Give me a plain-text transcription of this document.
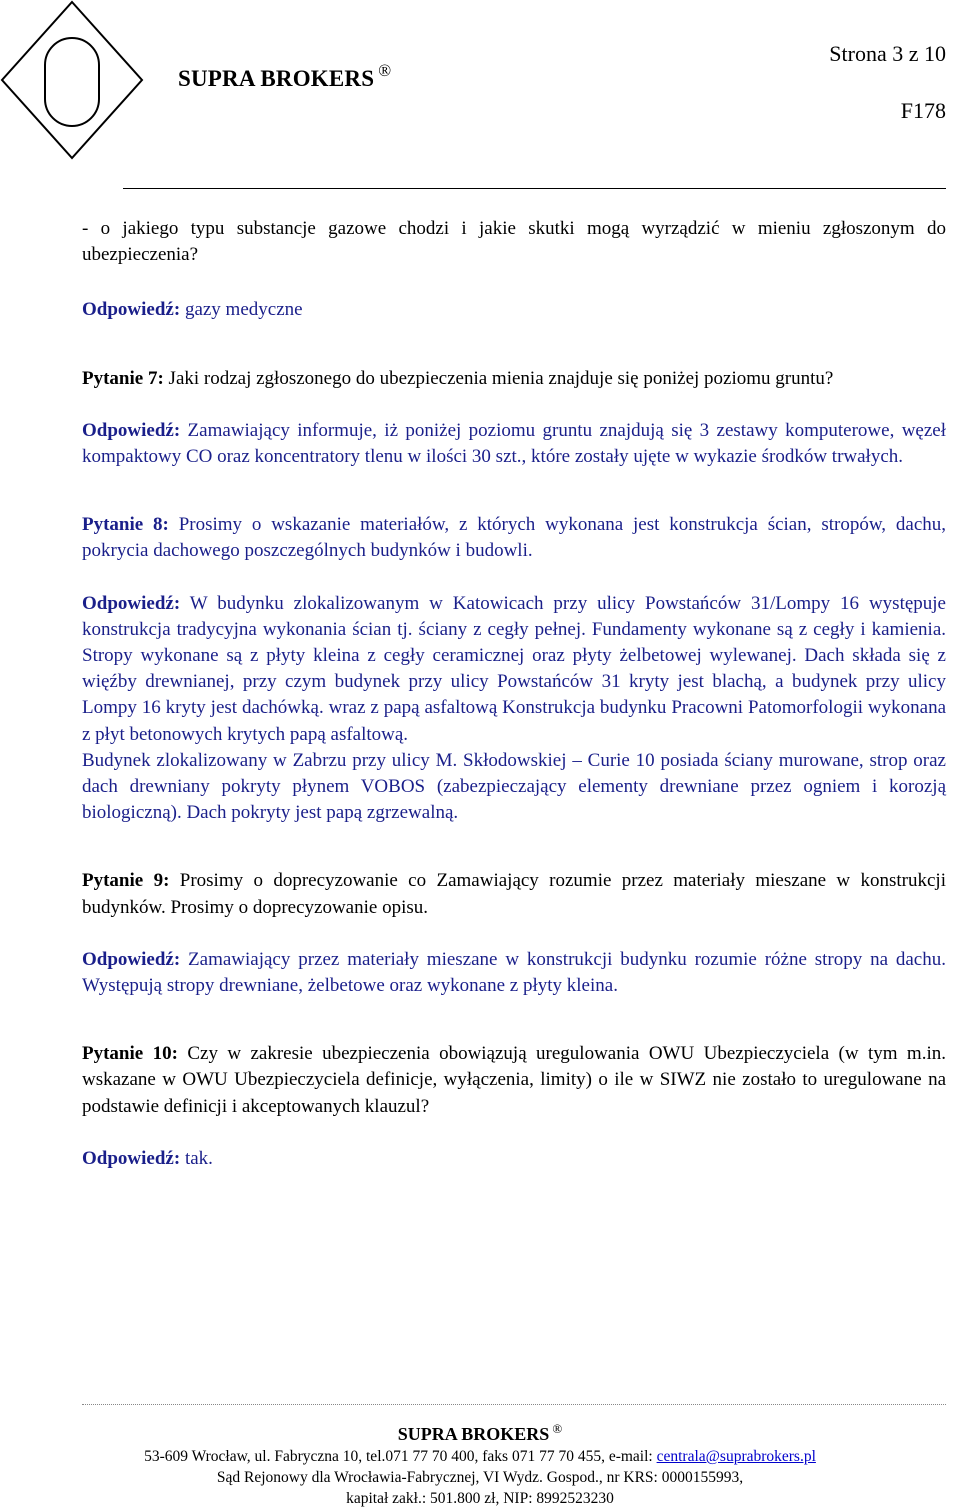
SUPRA BROKERS ®
Strona 3 z 10
F178

- o jakiego typu substancje gazowe chodzi i jakie skutki mogą wyrządzić w mieniu zgłoszonym do ubezpieczenia?

Odpowiedź: gazy medyczne

Pytanie 7: Jaki rodzaj zgłoszonego do ubezpieczenia mienia znajduje się poniżej poziomu gruntu?

Odpowiedź: Zamawiający informuje, iż poniżej poziomu gruntu znajdują się 3 zestawy komputerowe, węzeł kompaktowy CO oraz koncentratory tlenu w ilości 30 szt., które zostały ujęte w wykazie środków trwałych.

Pytanie 8: Prosimy o wskazanie materiałów, z których wykonana jest konstrukcja ścian, stropów, dachu, pokrycia dachowego poszczególnych budynków i budowli.

Odpowiedź: W budynku zlokalizowanym w Katowicach przy ulicy Powstańców 31/Lompy 16 występuje konstrukcja tradycyjna wykonania ścian tj. ściany z cegły pełnej. Fundamenty wykonane są z cegły i kamienia. Stropy wykonane są z płyty kleina z cegły ceramicznej oraz płyty żelbetowej wylewanej. Dach składa się z więźby drewnianej, przy czym budynek przy ulicy Powstańców 31 kryty jest blachą, a budynek przy ulicy Lompy 16 kryty jest dachówką. wraz z papą asfaltową Konstrukcja budynku Pracowni Patomorfologii wykonana z płyt betonowych krytych papą asfaltową.

Budynek zlokalizowany w Zabrzu przy ulicy M. Skłodowskiej – Curie 10 posiada ściany murowane, strop oraz dach drewniany pokryty płynem VOBOS (zabezpieczający elementy drewniane przez ogniem i korozją biologiczną). Dach pokryty jest papą zgrzewalną.

Pytanie 9: Prosimy o doprecyzowanie co Zamawiający rozumie przez materiały mieszane w konstrukcji budynków. Prosimy o doprecyzowanie opisu.

Odpowiedź: Zamawiający przez materiały mieszane w konstrukcji budynku rozumie różne stropy na dachu. Występują stropy drewniane, żelbetowe oraz wykonane z płyty kleina.

Pytanie 10: Czy w zakresie ubezpieczenia obowiązują uregulowania OWU Ubezpieczyciela (w tym m.in. wskazane w OWU Ubezpieczyciela definicje, wyłączenia, limity) o ile w SIWZ nie zostało to uregulowane na podstawie definicji i akceptowanych klauzul?

Odpowiedź: tak.

SUPRA BROKERS ®
53-609 Wrocław, ul. Fabryczna 10, tel.071 77 70 400, faks 071 77 70 455, e-mail: centrala@suprabrokers.pl
Sąd Rejonowy dla Wrocławia-Fabrycznej, VI Wydz. Gospod., nr KRS: 0000155993,
kapitał zakł.: 501.800 zł, NIP: 8992523230
